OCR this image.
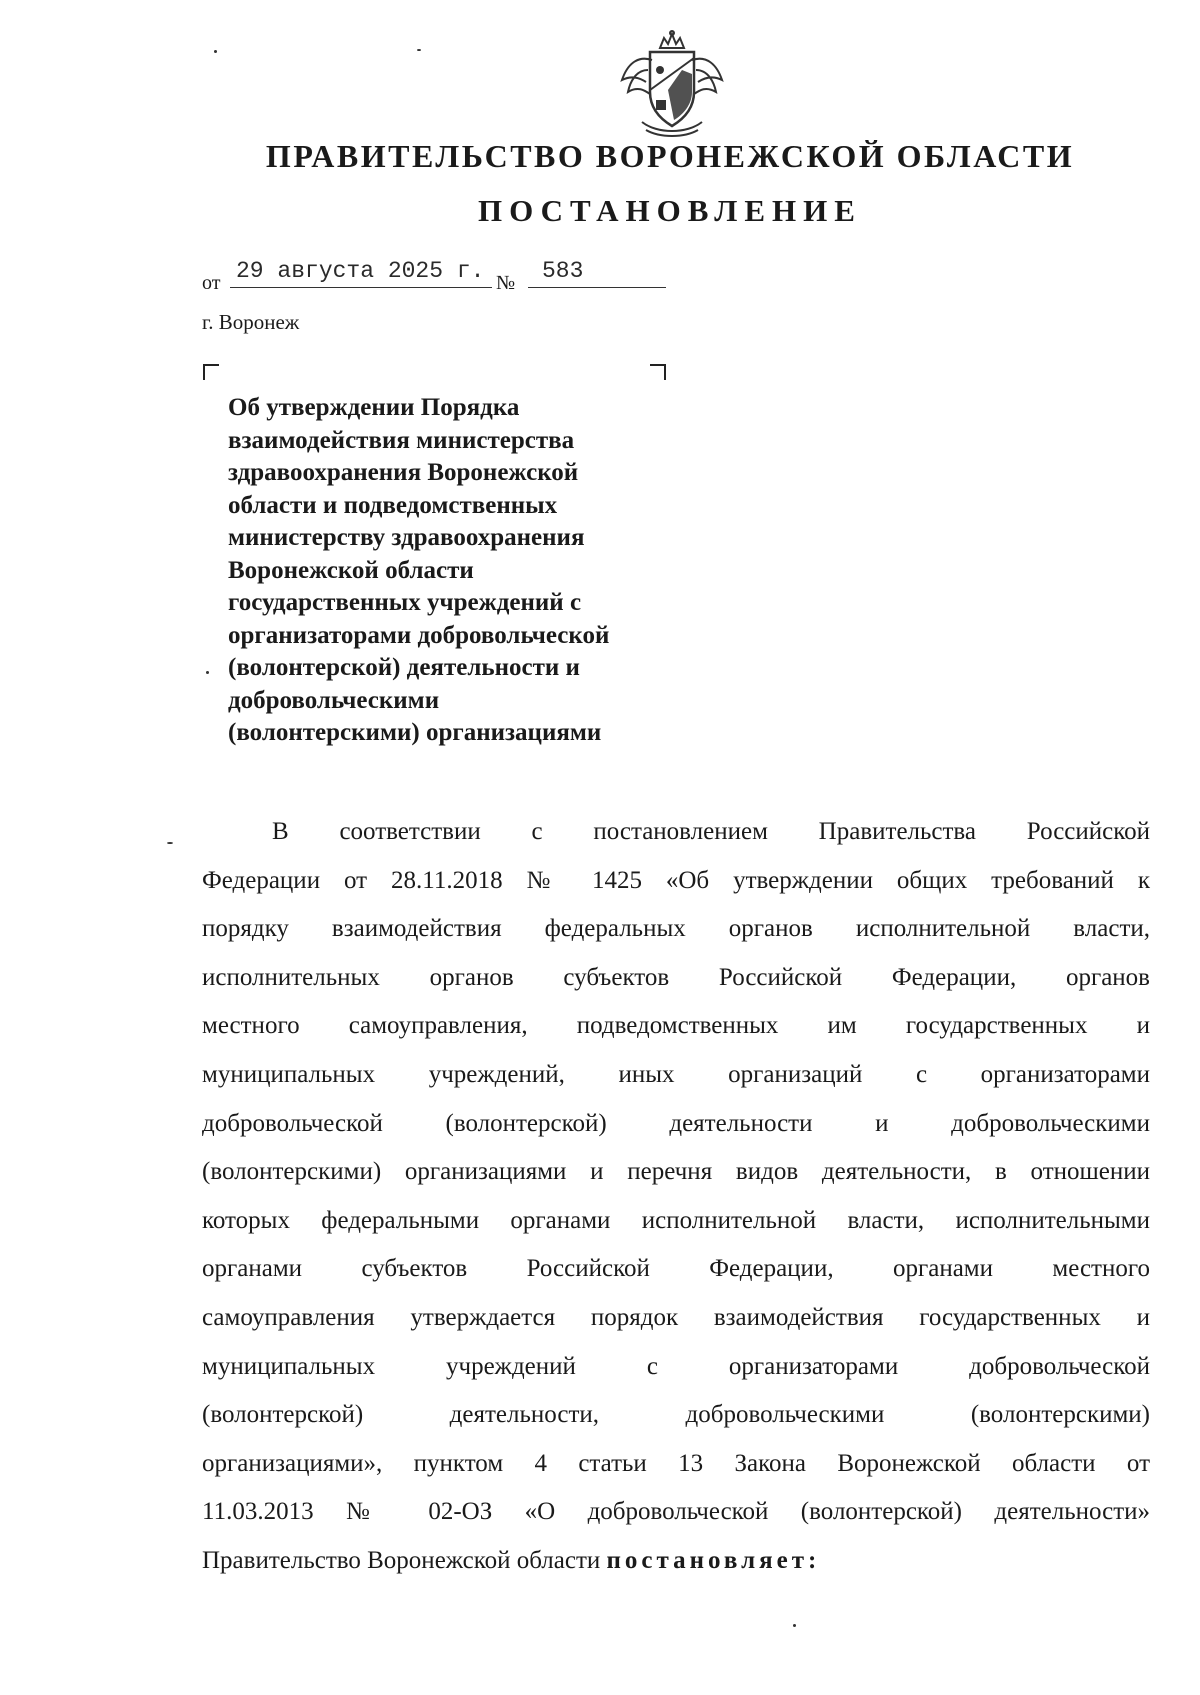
ПРАВИТЕЛЬСТВО ВОРОНЕЖСКОЙ ОБЛАСТИ
ПОСТАНОВЛЕНИЕ
от 29 августа 2025 г. № 583
г. Воронеж
Об утверждении Порядка
взаимодействия министерства
здравоохранения Воронежской
области и подведомственных
министерству здравоохранения
Воронежской области
государственных учреждений с
организаторами добровольческой
(волонтерской) деятельности и
добровольческими
(волонтерскими) организациями
В соответствии с постановлением Правительства Российской
Федерации от 28.11.2018 № 1425 «Об утверждении общих требований к
порядку взаимодействия федеральных органов исполнительной власти,
исполнительных органов субъектов Российской Федерации, органов
местного самоуправления, подведомственных им государственных и
муниципальных учреждений, иных организаций с организаторами
добровольческой (волонтерской) деятельности и добровольческими
(волонтерскими) организациями и перечня видов деятельности, в отношении
которых федеральными органами исполнительной власти, исполнительными
органами субъектов Российской Федерации, органами местного
самоуправления утверждается порядок взаимодействия государственных и
муниципальных учреждений с организаторами добровольческой
(волонтерской) деятельности, добровольческими (волонтерскими)
организациями», пунктом 4 статьи 13 Закона Воронежской области от
11.03.2013 № 02-ОЗ «О добровольческой (волонтерской) деятельности»
Правительство Воронежской области постановляет:
